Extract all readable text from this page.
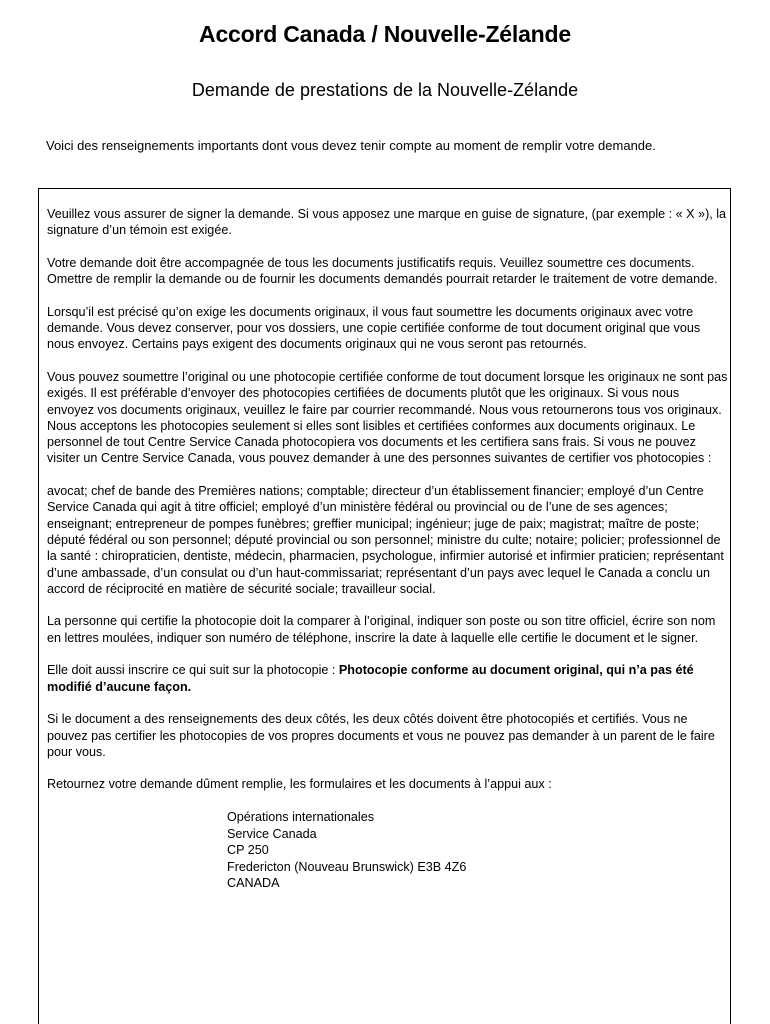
Accord Canada / Nouvelle-Zélande
Demande de prestations de la Nouvelle-Zélande

Voici des renseignements importants dont vous devez tenir compte au moment de remplir votre demande.

Veuillez vous assurer de signer la demande. Si vous apposez une marque en guise de signature, (par exemple : « X »), la signature d’un témoin est exigée.

Votre demande doit être accompagnée de tous les documents justificatifs requis. Veuillez soumettre ces documents. Omettre de remplir la demande ou de fournir les documents demandés pourrait retarder le traitement de votre demande.

Lorsqu’il est précisé qu’on exige les documents originaux, il vous faut soumettre les documents originaux avec votre demande. Vous devez conserver, pour vos dossiers, une copie certifiée conforme de tout document original que vous nous envoyez. Certains pays exigent des documents originaux qui ne vous seront pas retournés.

Vous pouvez soumettre l’original ou une photocopie certifiée conforme de tout document lorsque les originaux ne sont pas exigés. Il est préférable d’envoyer des photocopies certifiées de documents plutôt que les originaux. Si vous nous envoyez vos documents originaux, veuillez le faire par courrier recommandé. Nous vous retournerons tous vos originaux. Nous acceptons les photocopies seulement si elles sont lisibles et certifiées conformes aux documents originaux. Le personnel de tout Centre Service Canada photocopiera vos documents et les certifiera sans frais. Si vous ne pouvez visiter un Centre Service Canada, vous pouvez demander à une des personnes suivantes de certifier vos photocopies :

avocat; chef de bande des Premières nations; comptable; directeur d’un établissement financier; employé d’un Centre Service Canada qui agit à titre officiel; employé d’un ministère fédéral ou provincial ou de l’une de ses agences; enseignant; entrepreneur de pompes funèbres; greffier municipal; ingénieur; juge de paix; magistrat; maître de poste; député fédéral ou son personnel; député provincial ou son personnel; ministre du culte; notaire; policier; professionnel de la santé : chiropraticien, dentiste, médecin, pharmacien, psychologue, infirmier autorisé et infirmier praticien; représentant d’une ambassade, d’un consulat ou d’un haut-commissariat; représentant d’un pays avec lequel le Canada a conclu un accord de réciprocité en matière de sécurité sociale; travailleur social.

La personne qui certifie la photocopie doit la comparer à l’original, indiquer son poste ou son titre officiel, écrire son nom en lettres moulées, indiquer son numéro de téléphone, inscrire la date à laquelle elle certifie le document et le signer.

Elle doit aussi inscrire ce qui suit sur la photocopie : Photocopie conforme au document original, qui n’a pas été modifié d’aucune façon.

Si le document a des renseignements des deux côtés, les deux côtés doivent être photocopiés et certifiés. Vous ne pouvez pas certifier les photocopies de vos propres documents et vous ne pouvez pas demander à un parent de le faire pour vous.

Retournez votre demande dûment remplie, les formulaires et les documents à l’appui aux :

Opérations internationales
Service Canada
CP 250
Fredericton (Nouveau Brunswick) E3B 4Z6
CANADA
